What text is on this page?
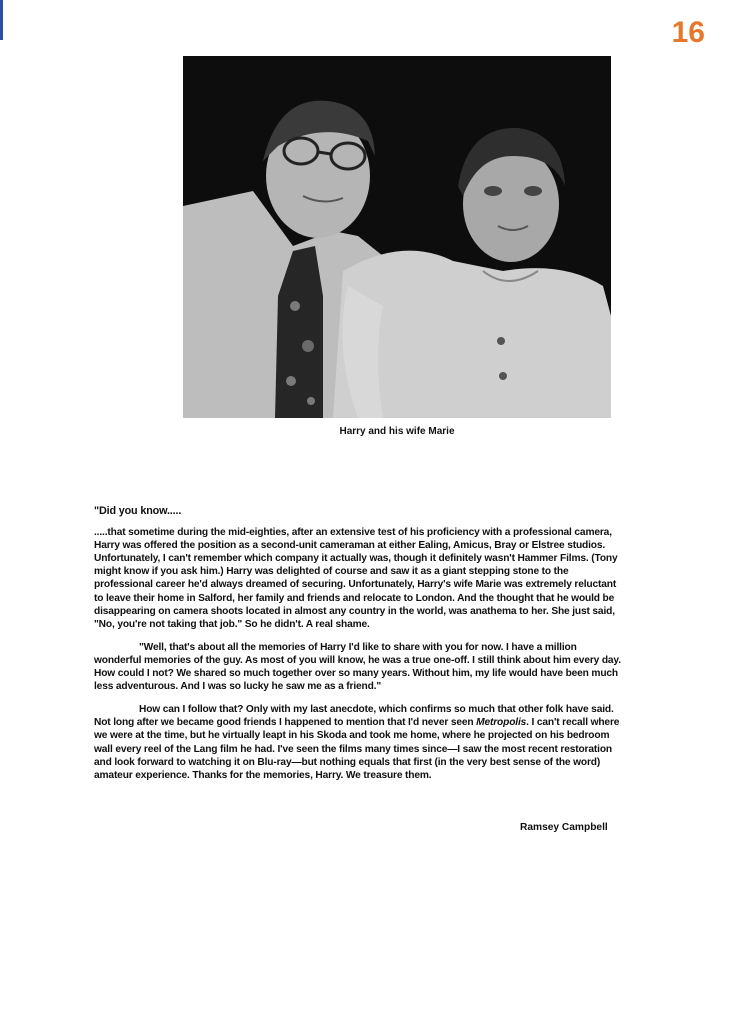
16
Harry and his wife Marie

"Did you know.....

.....that sometime during the mid-eighties, after an extensive test of his proficiency with a professional camera, Harry was offered the position as a second-unit cameraman at either Ealing, Amicus, Bray or Elstree studios. Unfortunately, I can't remember which company it actually was, though it definitely wasn't Hammer Films. (Tony might know if you ask him.) Harry was delighted of course and saw it as a giant stepping stone to the professional career he'd always dreamed of securing. Unfortunately, Harry's wife Marie was extremely reluctant to leave their home in Salford, her family and friends and relocate to London. And the thought that he would be disappearing on camera shoots located in almost any country in the world, was anathema to her. She just said, "No, you're not taking that job." So he didn't. A real shame.

"Well, that's about all the memories of Harry I'd like to share with you for now. I have a million wonderful memories of the guy. As most of you will know, he was a true one-off. I still think about him every day. How could I not? We shared so much together over so many years. Without him, my life would have been much less adventurous. And I was so lucky he saw me as a friend."

How can I follow that? Only with my last anecdote, which confirms so much that other folk have said. Not long after we became good friends I happened to mention that I'd never seen Metropolis. I can't recall where we were at the time, but he virtually leapt in his Skoda and took me home, where he projected on his bedroom wall every reel of the Lang film he had. I've seen the films many times since—I saw the most recent restoration and look forward to watching it on Blu-ray—but nothing equals that first (in the very best sense of the word) amateur experience. Thanks for the memories, Harry. We treasure them.

Ramsey Campbell
